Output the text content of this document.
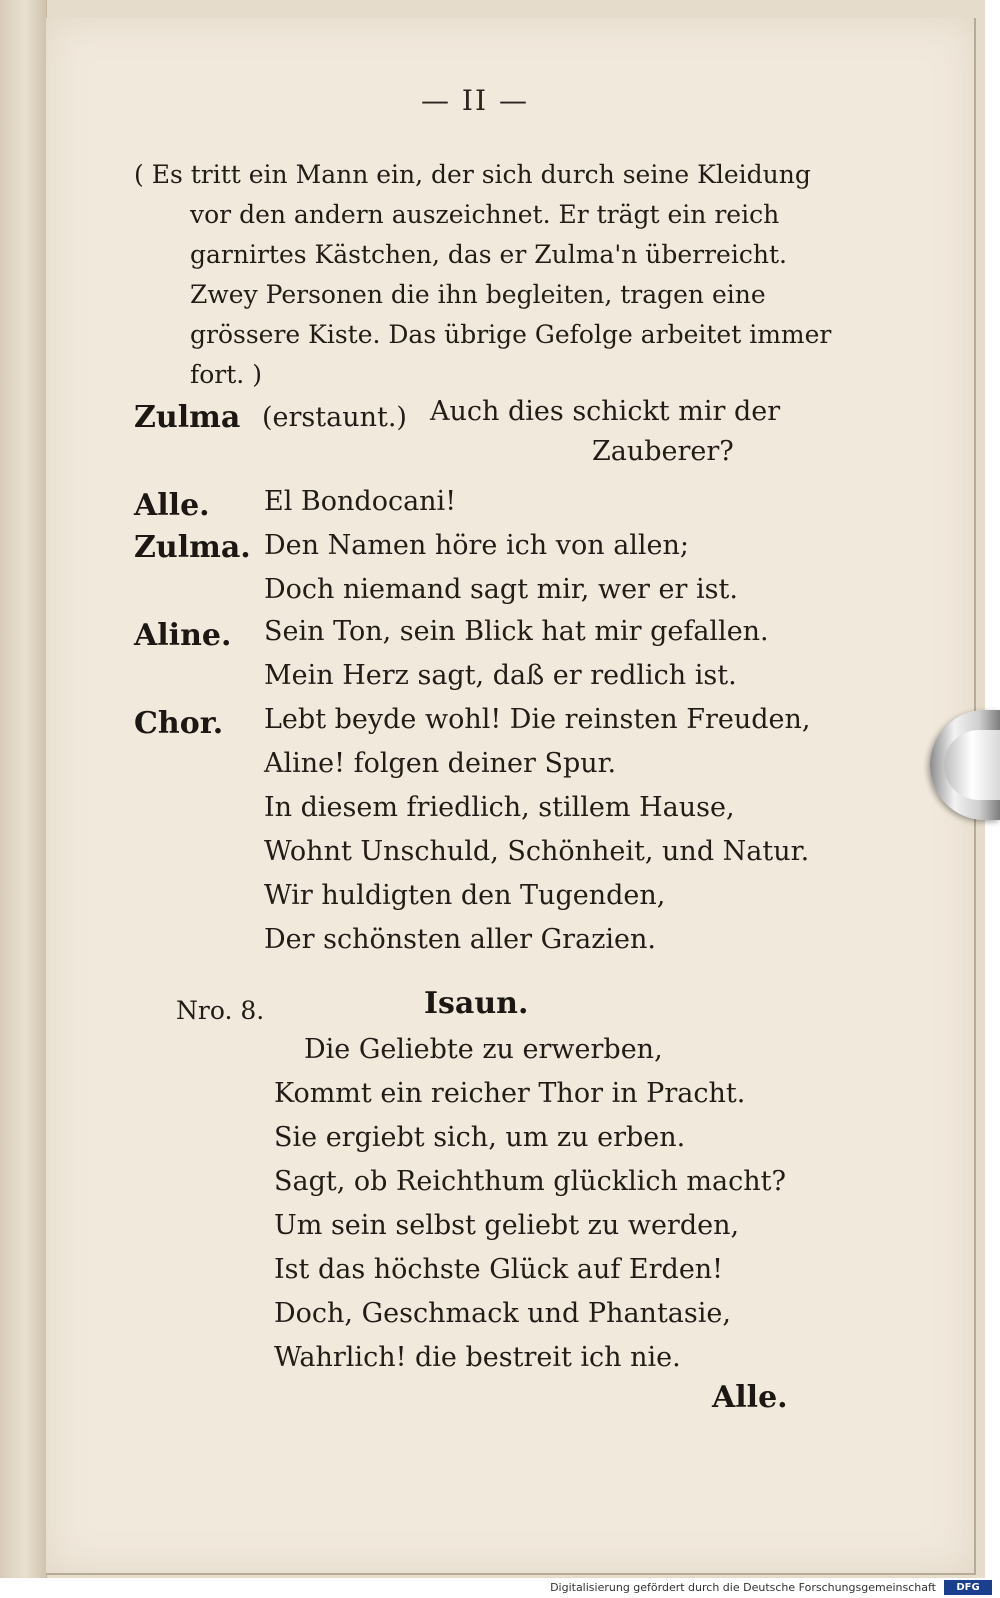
— II —
( Es tritt ein Mann ein, der sich durch seine Kleidung
vor den andern auszeichnet. Er trägt ein reich
garnirtes Kästchen, das er Zulma'n überreicht.
Zwey Personen die ihn begleiten, tragen eine
grössere Kiste. Das übrige Gefolge arbeitet immer
fort. )
Zulma (erstaunt.) Auch dies schickt mir der
Zauberer?
Alle. El Bondocani!
Zulma. Den Namen höre ich von allen;
Doch niemand sagt mir, wer er ist.
Aline. Sein Ton, sein Blick hat mir gefallen.
Mein Herz sagt, daß er redlich ist.
Chor. Lebt beyde wohl! Die reinsten Freuden,
Aline! folgen deiner Spur.
In diesem friedlich, stillem Hause,
Wohnt Unschuld, Schönheit, und Natur.
Wir huldigten den Tugenden,
Der schönsten aller Grazien.
Nro. 8.	Isaun.
Die Geliebte zu erwerben,
Kommt ein reicher Thor in Pracht.
Sie ergiebt sich, um zu erben.
Sagt, ob Reichthum glücklich macht?
Um sein selbst geliebt zu werden,
Ist das höchste Glück auf Erden!
Doch, Geschmack und Phantasie,
Wahrlich! die bestreit ich nie.
Alle.
Digitalisierung gefördert durch die Deutsche Forschungsgemeinschaft	DFG
